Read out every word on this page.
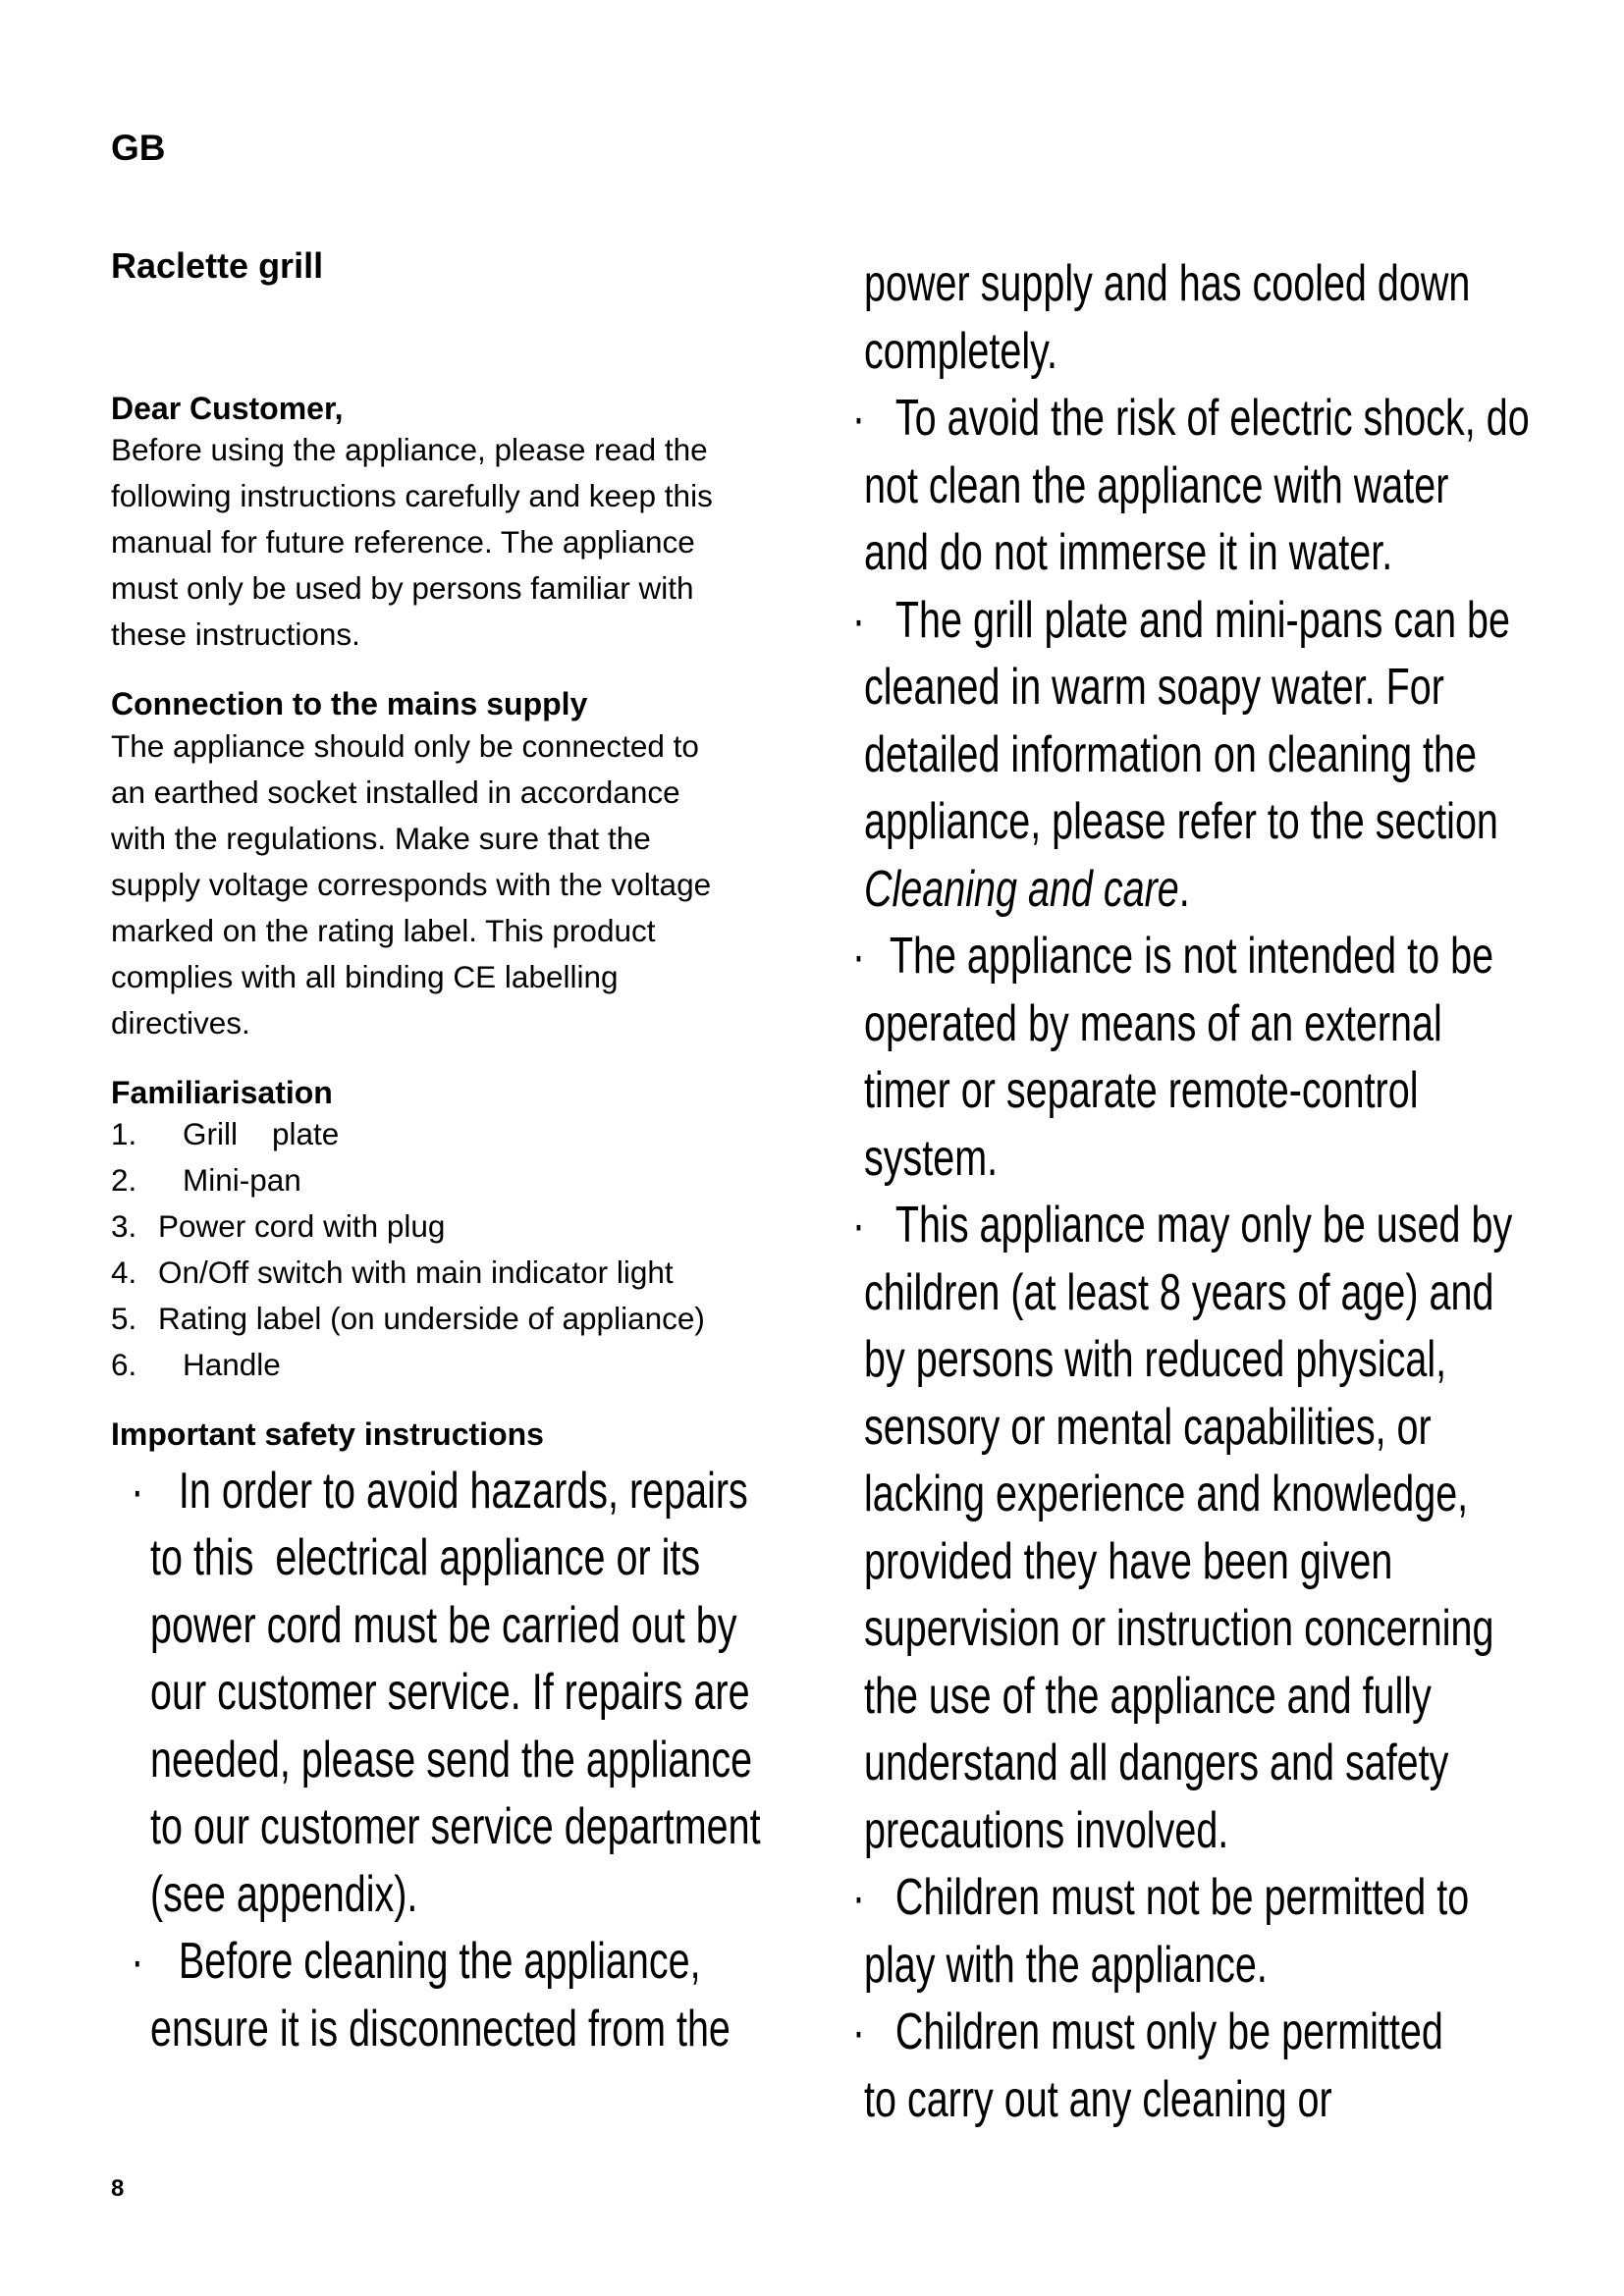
GB
Raclette grill

Dear Customer,

Before using the appliance, please read the
following instructions carefully and keep this
manual for future reference. The appliance
must only be used by persons familiar with
these instructions.

Connection to the mains supply

The appliance should only be connected to
an earthed socket installed in accordance
with the regulations. Make sure that the
supply voltage corresponds with the voltage
marked on the rating label. This product
complies with all binding CE labelling
directives.

Familiarisation

1.	Grill    plate
2.	Mini-pan
3. Power cord with plug
4. On/Off switch with main indicator light
5. Rating label (on underside of appliance)
6.	Handle

Important safety instructions

· In order to avoid hazards, repairs
to this  electrical appliance or its
power cord must be carried out by
our customer service. If repairs are
needed, please send the appliance
to our customer service department
(see appendix).
· Before cleaning the appliance,
ensure it is disconnected from the
power supply and has cooled down
completely.
· To avoid the risk of electric shock, do
not clean the appliance with water
and do not immerse it in water.
· The grill plate and mini-pans can be
cleaned in warm soapy water. For
detailed information on cleaning the
appliance, please refer to the section
Cleaning and care.
· The appliance is not intended to be
operated by means of an external
timer or separate remote-control
system.
· This appliance may only be used by
children (at least 8 years of age) and
by persons with reduced physical,
sensory or mental capabilities, or
lacking experience and knowledge,
provided they have been given
supervision or instruction concerning
the use of the appliance and fully
understand all dangers and safety
precautions involved.
· Children must not be permitted to
play with the appliance.
· Children must only be permitted
to carry out any cleaning or
8
